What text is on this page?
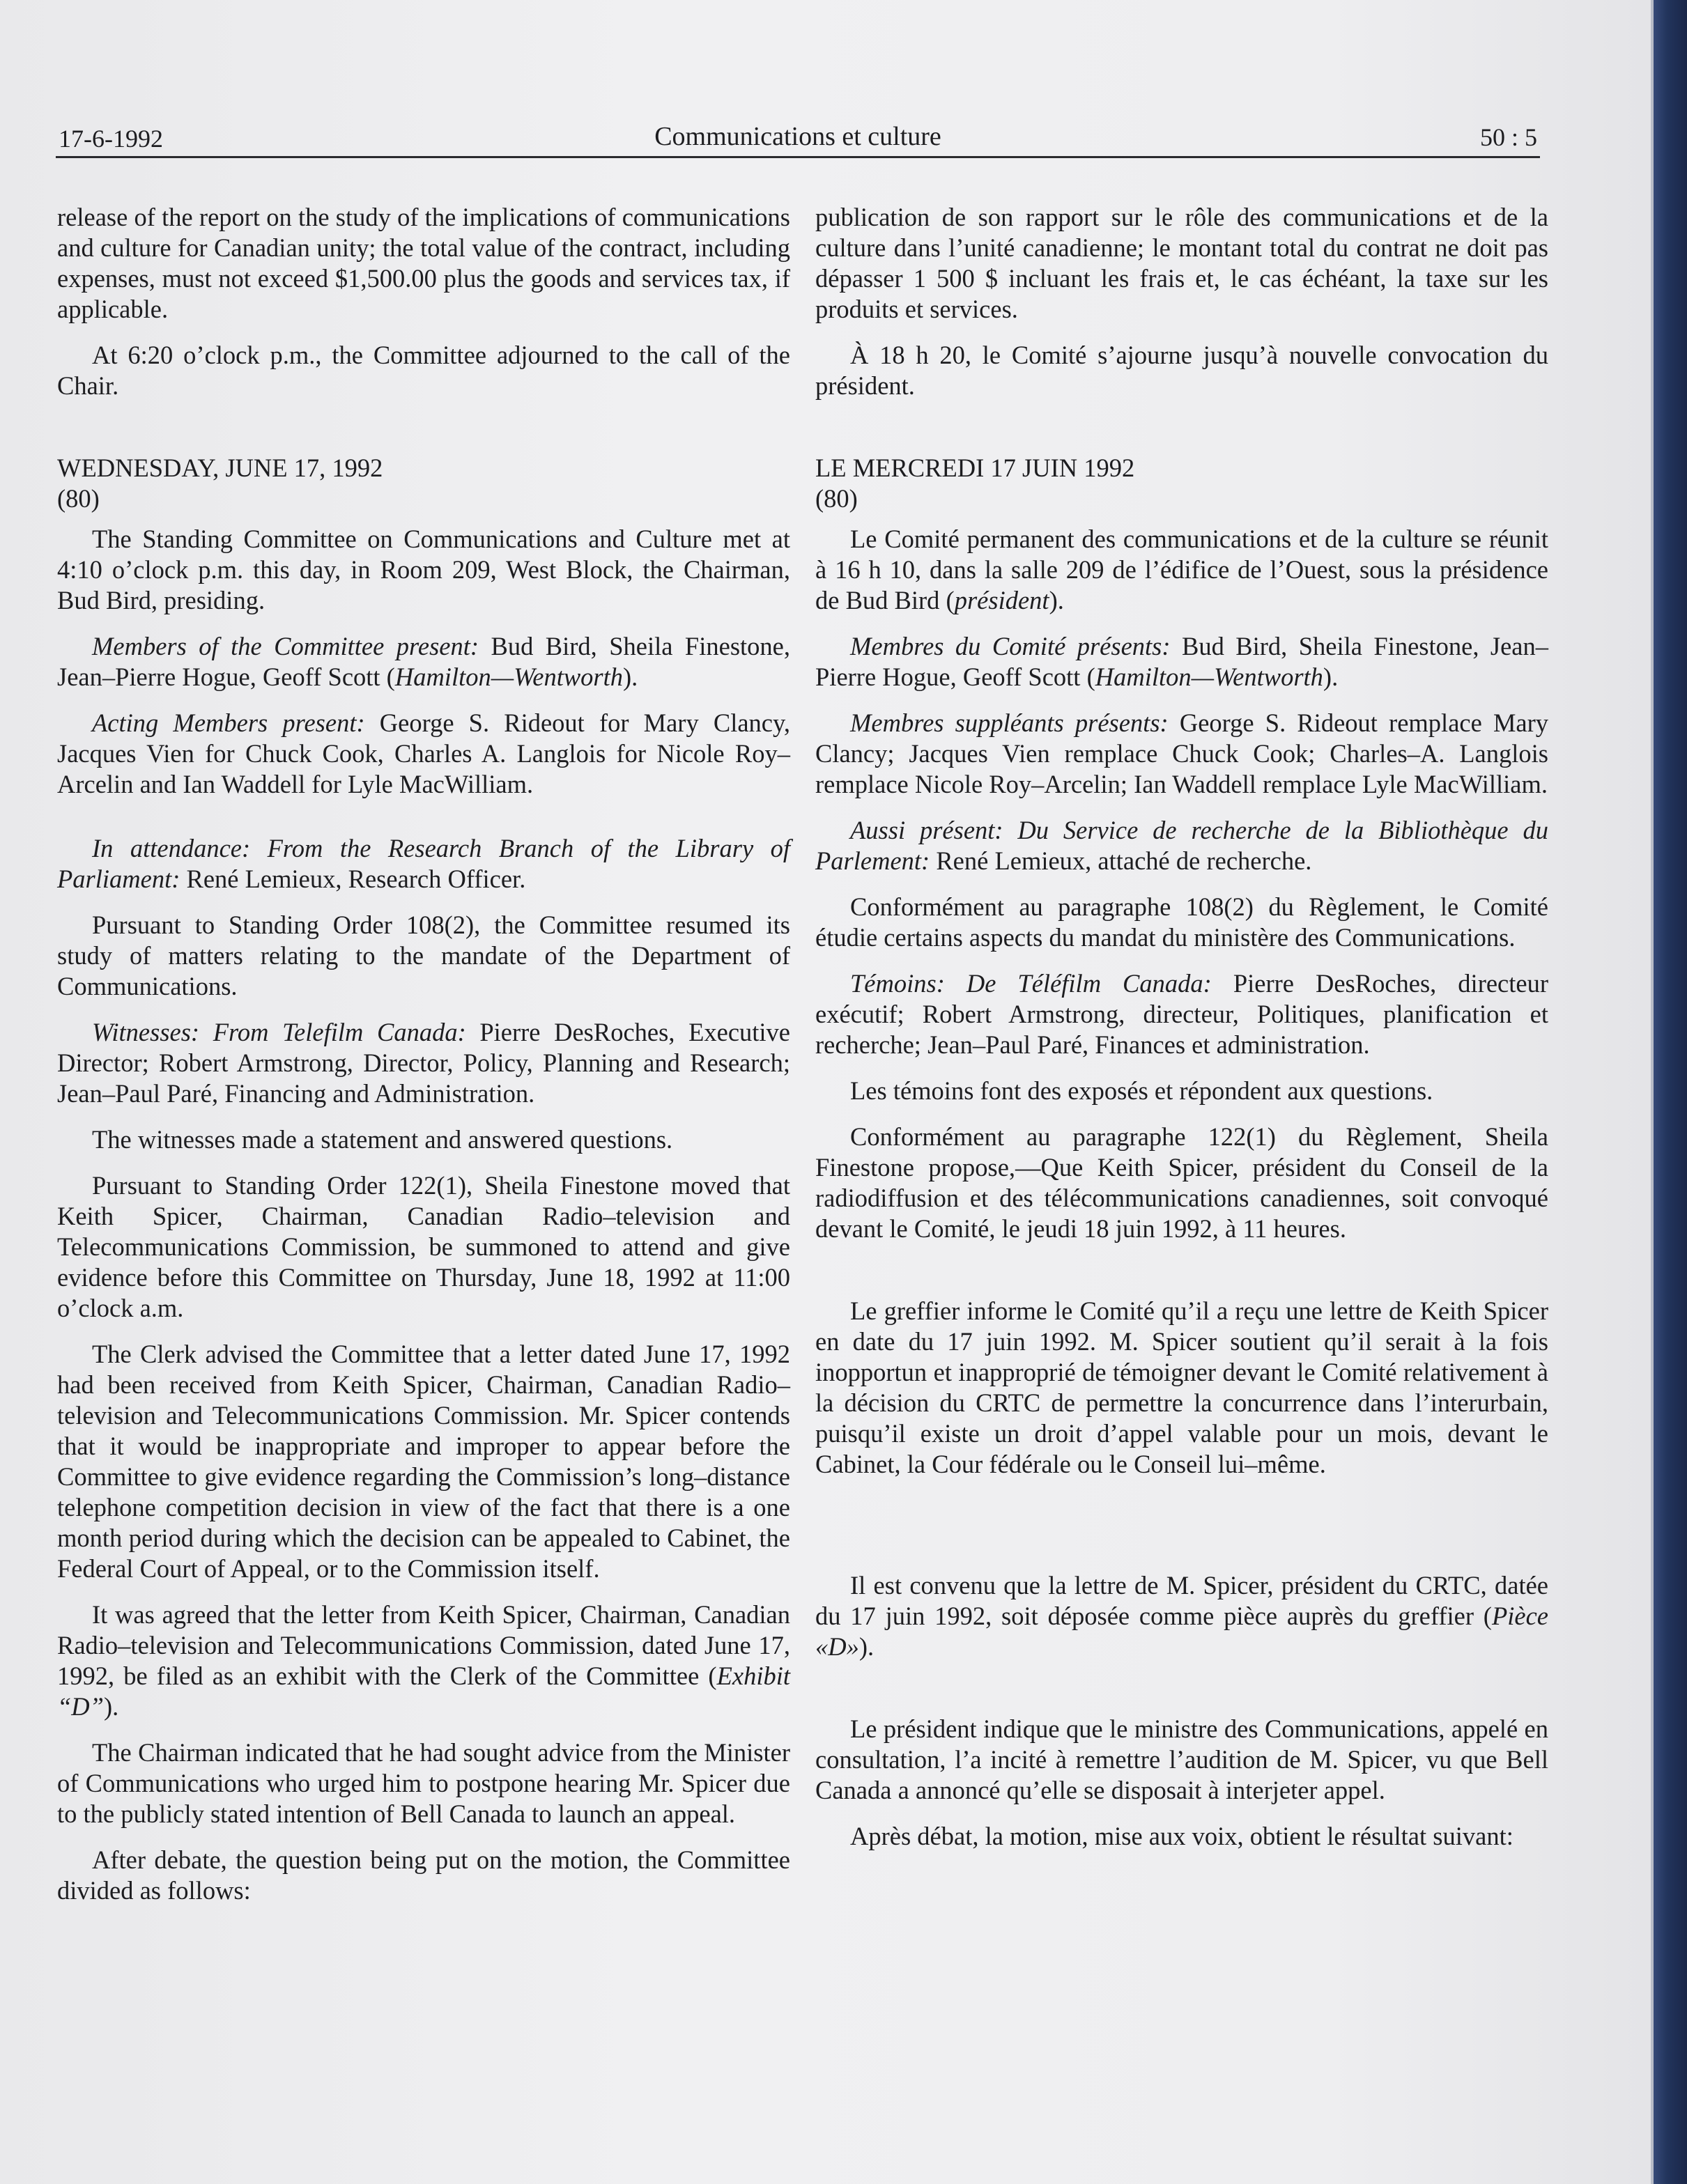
17-6-1992	Communications et culture	50 : 5

release of the report on the study of the implications of communications and culture for Canadian unity; the total value of the contract, including expenses, must not exceed $1,500.00 plus the goods and services tax, if applicable.

At 6:20 o’clock p.m., the Committee adjourned to the call of the Chair.

WEDNESDAY, JUNE 17, 1992
(80)

The Standing Committee on Communications and Culture met at 4:10 o’clock p.m. this day, in Room 209, West Block, the Chairman, Bud Bird, presiding.

Members of the Committee present: Bud Bird, Sheila Finestone, Jean–Pierre Hogue, Geoff Scott (Hamilton—Wentworth).

Acting Members present: George S. Rideout for Mary Clancy, Jacques Vien for Chuck Cook, Charles A. Langlois for Nicole Roy–Arcelin and Ian Waddell for Lyle MacWilliam.

In attendance: From the Research Branch of the Library of Parliament: René Lemieux, Research Officer.

Pursuant to Standing Order 108(2), the Committee resumed its study of matters relating to the mandate of the Department of Communications.

Witnesses: From Telefilm Canada: Pierre DesRoches, Executive Director; Robert Armstrong, Director, Policy, Planning and Research; Jean–Paul Paré, Financing and Administration.

The witnesses made a statement and answered questions.

Pursuant to Standing Order 122(1), Sheila Finestone moved that Keith Spicer, Chairman, Canadian Radio–television and Telecommunications Commission, be summoned to attend and give evidence before this Committee on Thursday, June 18, 1992 at 11:00 o’clock a.m.

The Clerk advised the Committee that a letter dated June 17, 1992 had been received from Keith Spicer, Chairman, Canadian Radio–television and Telecommunications Commission. Mr. Spicer contends that it would be inappropriate and improper to appear before the Committee to give evidence regarding the Commission’s long–distance telephone competition decision in view of the fact that there is a one month period during which the decision can be appealed to Cabinet, the Federal Court of Appeal, or to the Commission itself.

It was agreed that the letter from Keith Spicer, Chairman, Canadian Radio–television and Telecommunications Commission, dated June 17, 1992, be filed as an exhibit with the Clerk of the Committee (Exhibit “D”).

The Chairman indicated that he had sought advice from the Minister of Communications who urged him to postpone hearing Mr. Spicer due to the publicly stated intention of Bell Canada to launch an appeal.

After debate, the question being put on the motion, the Committee divided as follows:

publication de son rapport sur le rôle des communications et de la culture dans l’unité canadienne; le montant total du contrat ne doit pas dépasser 1 500 $ incluant les frais et, le cas échéant, la taxe sur les produits et services.

À 18 h 20, le Comité s’ajourne jusqu’à nouvelle convocation du président.

LE MERCREDI 17 JUIN 1992
(80)

Le Comité permanent des communications et de la culture se réunit à 16 h 10, dans la salle 209 de l’édifice de l’Ouest, sous la présidence de Bud Bird (président).

Membres du Comité présents: Bud Bird, Sheila Finestone, Jean–Pierre Hogue, Geoff Scott (Hamilton—Wentworth).

Membres suppléants présents: George S. Rideout remplace Mary Clancy; Jacques Vien remplace Chuck Cook; Charles–A. Langlois remplace Nicole Roy–Arcelin; Ian Waddell remplace Lyle MacWilliam.

Aussi présent: Du Service de recherche de la Bibliothèque du Parlement: René Lemieux, attaché de recherche.

Conformément au paragraphe 108(2) du Règlement, le Comité étudie certains aspects du mandat du ministère des Communications.

Témoins: De Téléfilm Canada: Pierre DesRoches, directeur exécutif; Robert Armstrong, directeur, Politiques, planification et recherche; Jean–Paul Paré, Finances et administration.

Les témoins font des exposés et répondent aux questions.

Conformément au paragraphe 122(1) du Règlement, Sheila Finestone propose,—Que Keith Spicer, président du Conseil de la radiodiffusion et des télécommunications canadiennes, soit convoqué devant le Comité, le jeudi 18 juin 1992, à 11 heures.

Le greffier informe le Comité qu’il a reçu une lettre de Keith Spicer en date du 17 juin 1992. M. Spicer soutient qu’il serait à la fois inopportun et inapproprié de témoigner devant le Comité relativement à la décision du CRTC de permettre la concurrence dans l’interurbain, puisqu’il existe un droit d’appel valable pour un mois, devant le Cabinet, la Cour fédérale ou le Conseil lui–même.

Il est convenu que la lettre de M. Spicer, président du CRTC, datée du 17 juin 1992, soit déposée comme pièce auprès du greffier (Pièce «D»).

Le président indique que le ministre des Communications, appelé en consultation, l’a incité à remettre l’audition de M. Spicer, vu que Bell Canada a annoncé qu’elle se disposait à interjeter appel.

Après débat, la motion, mise aux voix, obtient le résultat suivant:
